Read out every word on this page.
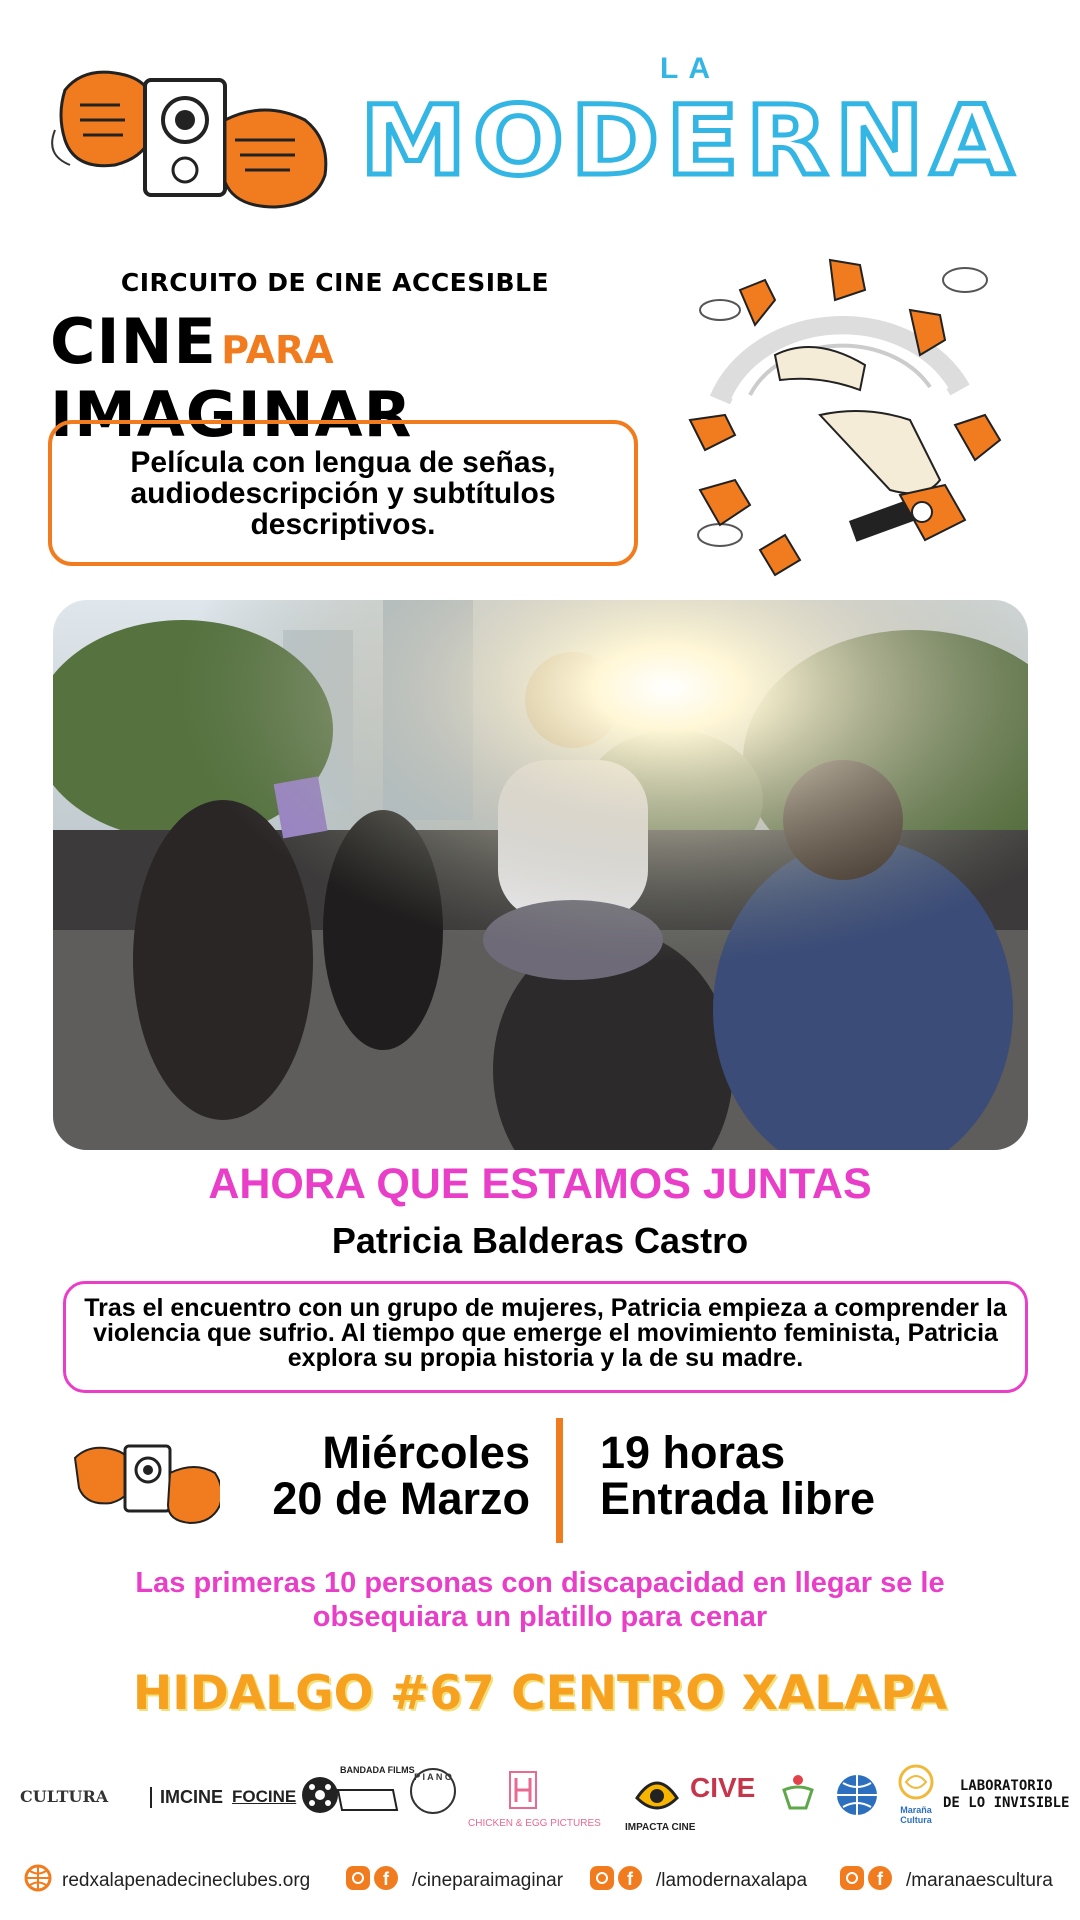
LA
MODERNA
CIRCUITO DE CINE ACCESIBLE
CINE PARA IMAGINAR
Película con lengua de señas, audiodescripción y subtítulos descriptivos.
AHORA QUE ESTAMOS JUNTAS
Patricia Balderas Castro
Tras el encuentro con un grupo de mujeres, Patricia empieza a comprender la violencia que sufrio. Al tiempo que emerge el movimiento feminista, Patricia explora su propia historia y la de su madre.
Miércoles
20 de Marzo
19 horas
Entrada libre
Las primeras 10 personas con discapacidad en llegar se le obsequiara un platillo para cenar
HIDALGO #67 CENTRO XALAPA
CULTURA	IMCINE FOCINE
BANDADA FILMS
P I A N O
CHICKEN & EGG PICTURES IMPACTA CINE
CIVE
Maraña Cultura
LABORATORIO
DE LO INVISIBLE
redxalapenadecineclubes.org	f	/cineparaimaginar	f	/lamodernaxalapa	f	/maranaescultura
